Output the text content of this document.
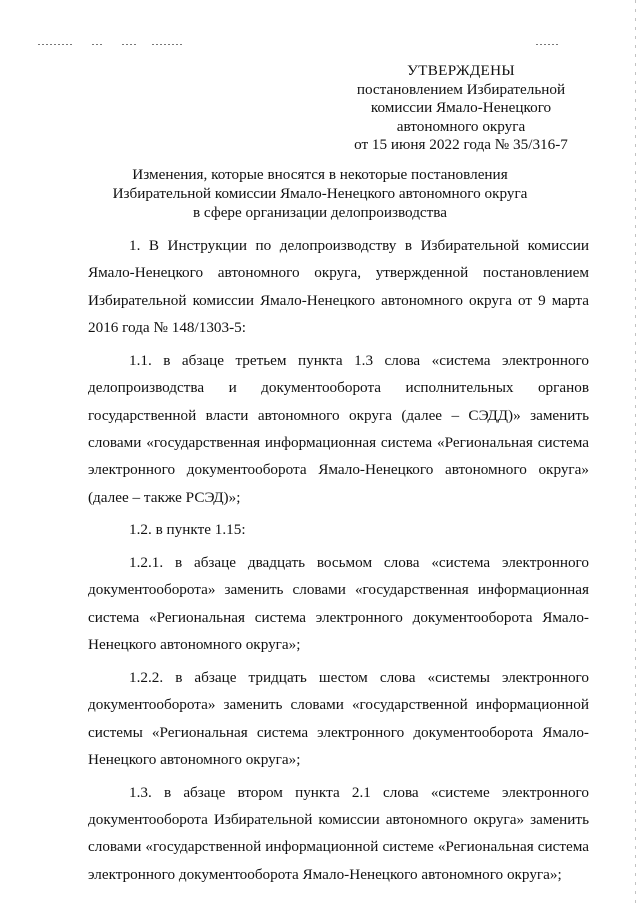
УТВЕРЖДЕНЫ
постановлением Избирательной
комиссии Ямало-Ненецкого
автономного округа
от 15 июня 2022 года № 35/316-7
Изменения, которые вносятся в некоторые постановления
Избирательной комиссии Ямало-Ненецкого автономного округа
в сфере организации делопроизводства

1. В Инструкции по делопроизводству в Избирательной комиссии Ямало-Ненецкого автономного округа, утвержденной постановлением Избирательной комиссии Ямало-Ненецкого автономного округа от 9 марта 2016 года № 148/1303-5:

1.1. в абзаце третьем пункта 1.3 слова «система электронного делопроизводства и документооборота исполнительных органов государственной власти автономного округа (далее – СЭДД)» заменить словами «государственная информационная система «Региональная система электронного документооборота Ямало-Ненецкого автономного округа» (далее – также РСЭД)»;

1.2. в пункте 1.15:

1.2.1. в абзаце двадцать восьмом слова «система электронного документооборота» заменить словами «государственная информационная система «Региональная система электронного документооборота Ямало-Ненецкого автономного округа»;

1.2.2. в абзаце тридцать шестом слова «системы электронного документооборота» заменить словами «государственной информационной системы «Региональная система электронного документооборота Ямало-Ненецкого автономного округа»;

1.3. в абзаце втором пункта 2.1 слова «системе электронного документооборота Избирательной комиссии автономного округа» заменить словами «государственной информационной системе «Региональная система электронного документооборота Ямало-Ненецкого автономного округа»;
